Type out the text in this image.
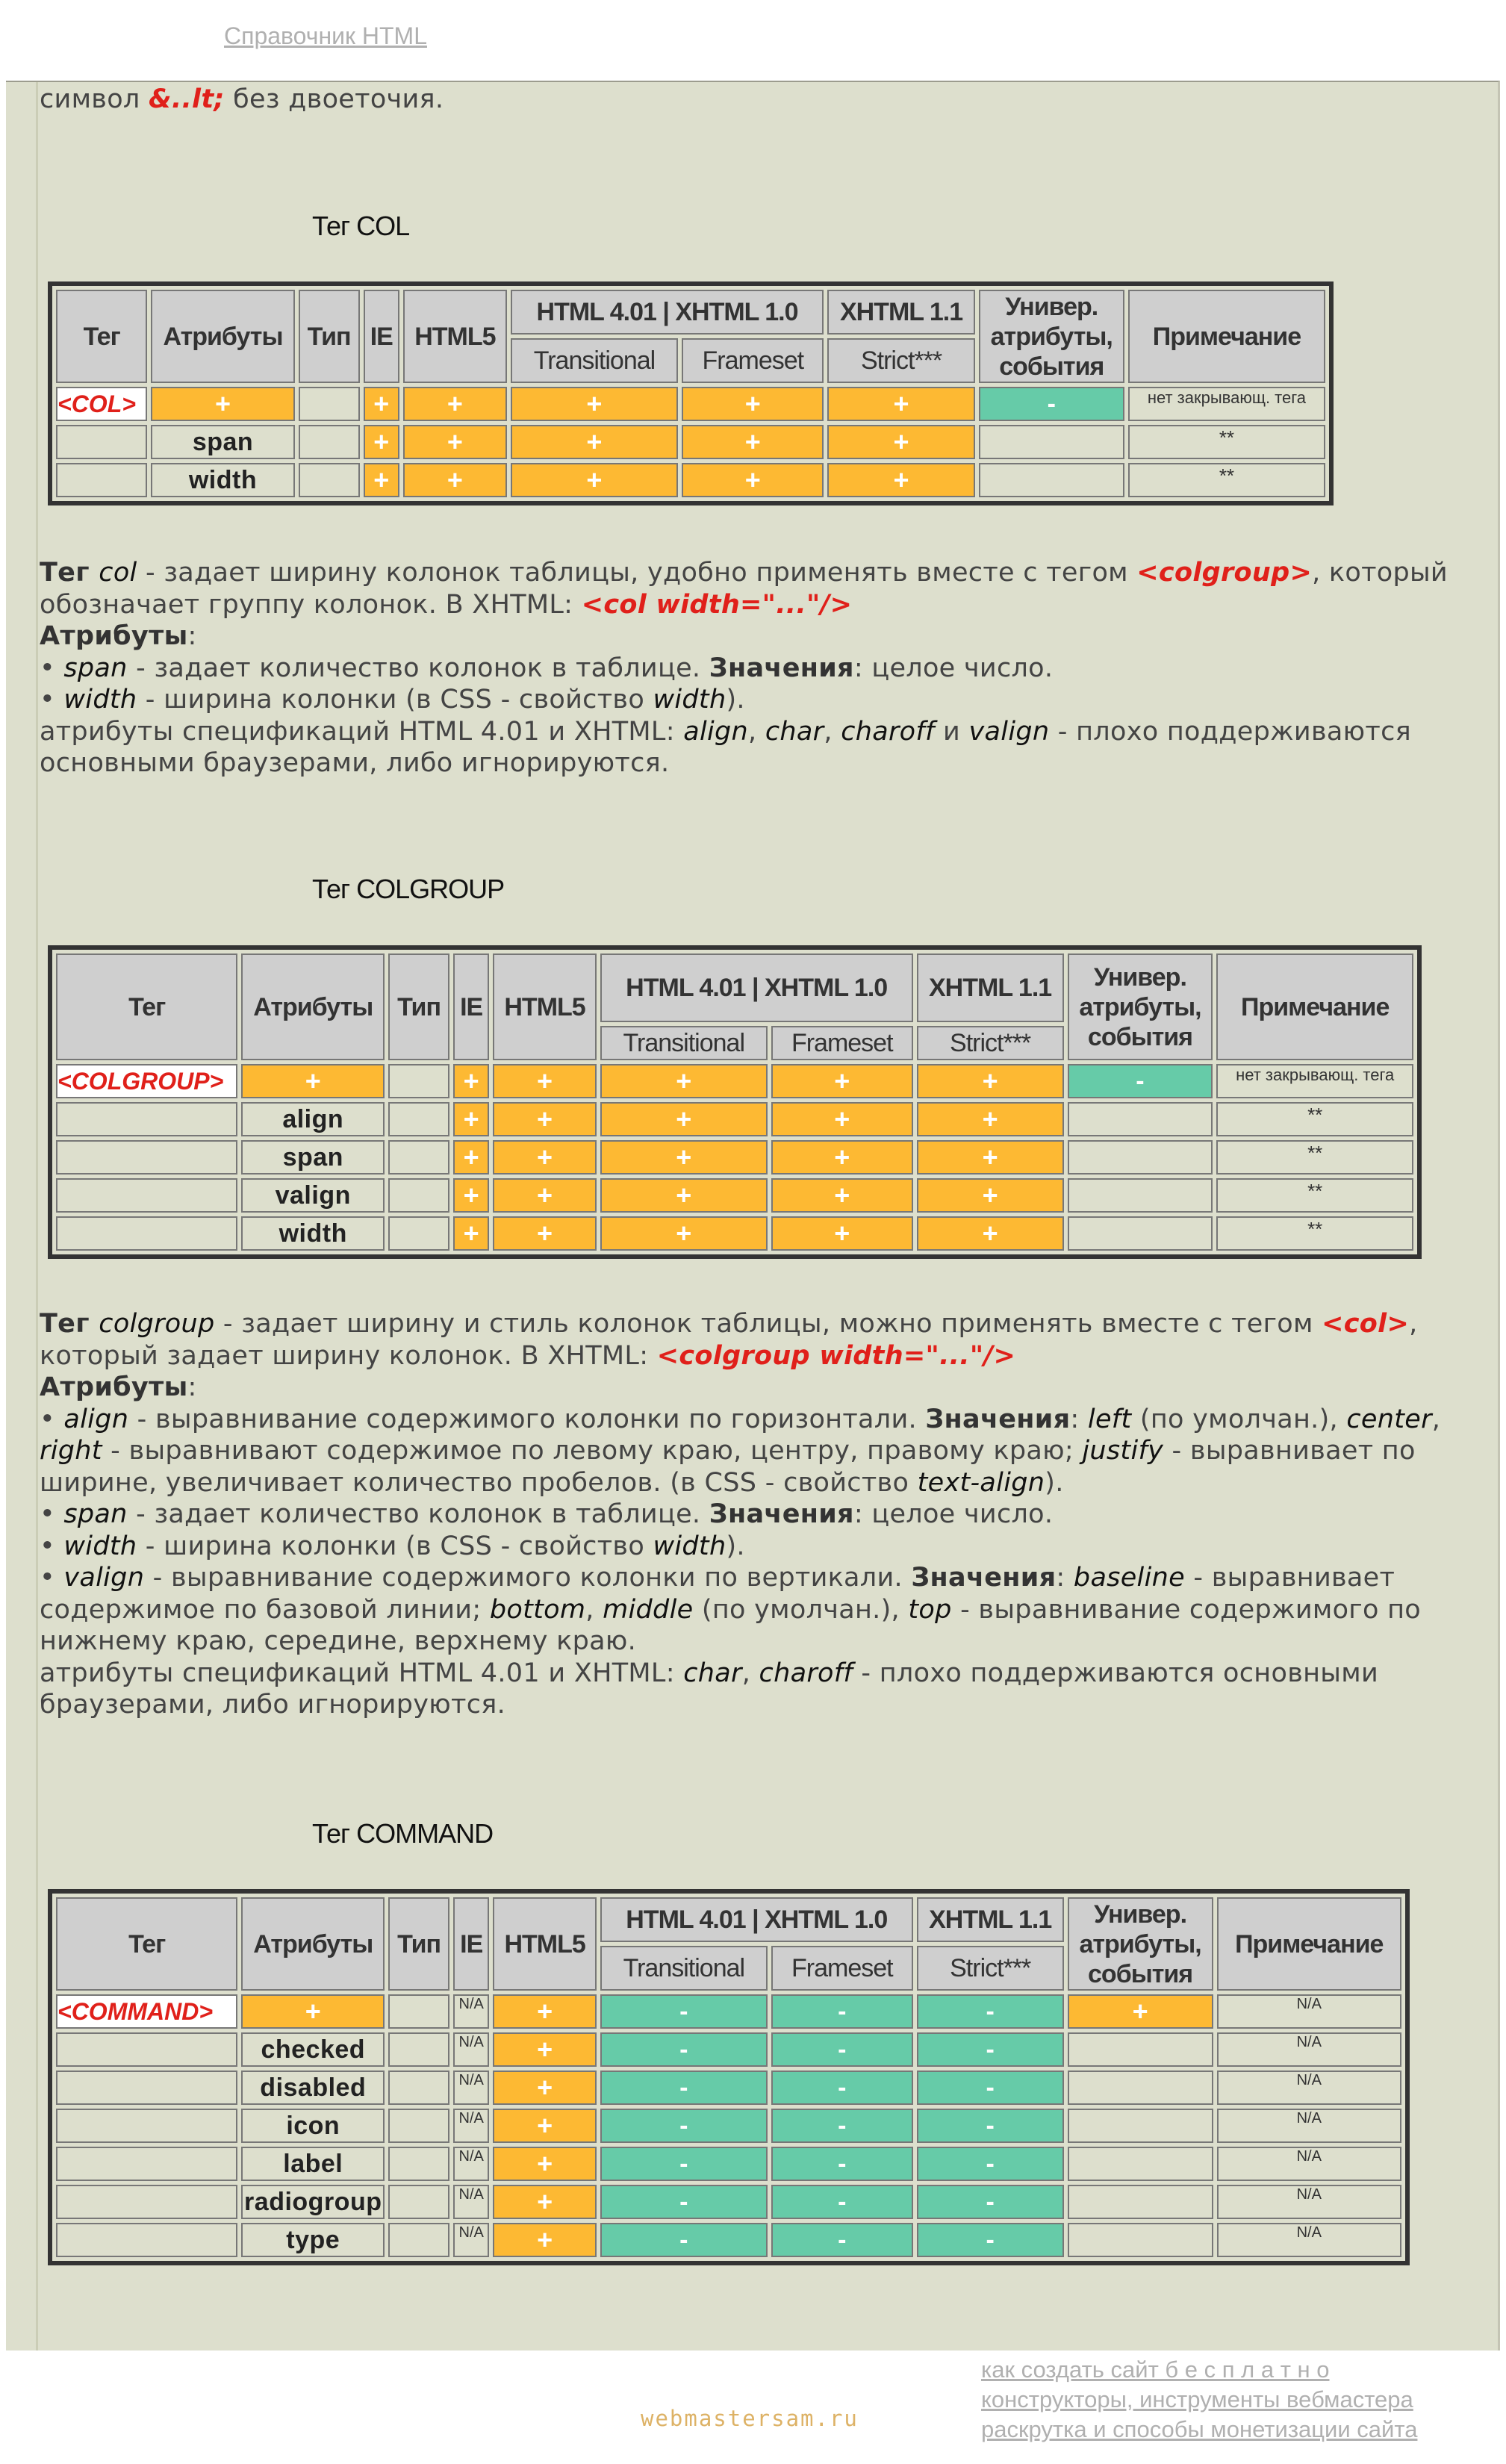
Справочник HTML
символ &..lt; без двоеточия.
Тег COL
Тег	Атрибуты	Тип	IE	HTML5	HTML 4.01 | XHTML 1.0		XHTML 1.1	Универ. атрибуты, события	Примечание
					Transitional	Frameset	Strict***		
<COL>	+		+	+	+	+	+	-	нет закрывающ. тега
	span		+	+	+	+	+		**
	width		+	+	+	+	+		**
Тег col - задает ширину колонок таблицы, удобно применять вместе с тегом <colgroup>, который
обозначает группу колонок. В XHTML: <col width="..."/>
Атрибуты:
• span - задает количество колонок в таблице. Значения: целое число.
• width - ширина колонки (в CSS - свойство width).
атрибуты спецификаций HTML 4.01 и XHTML: align, char, charoff и valign - плохо поддерживаются
основными браузерами, либо игнорируются.
Тег COLGROUP
Тег	Атрибуты	Тип	IE	HTML5	HTML 4.01 | XHTML 1.0		XHTML 1.1	Универ. атрибуты, события	Примечание
					Transitional	Frameset	Strict***		
<COLGROUP>	+		+	+	+	+	+	-	нет закрывающ. тега
	align		+	+	+	+	+		**
	span		+	+	+	+	+		**
	valign		+	+	+	+	+		**
	width		+	+	+	+	+		**
Тег colgroup - задает ширину и стиль колонок таблицы, можно применять вместе с тегом <col>,
который задает ширину колонок. В XHTML: <colgroup width="..."/>
Атрибуты:
• align - выравнивание содержимого колонки по горизонтали. Значения: left (по умолчан.), center,
right - выравнивают содержимое по левому краю, центру, правому краю; justify - выравнивает по
ширине, увеличивает количество пробелов. (в CSS - свойство text-align).
• span - задает количество колонок в таблице. Значения: целое число.
• width - ширина колонки (в CSS - свойство width).
• valign - выравнивание содержимого колонки по вертикали. Значения: baseline - выравнивает
содержимое по базовой линии; bottom, middle (по умолчан.), top - выравнивание содержимого по
нижнему краю, середине, верхнему краю.
атрибуты спецификаций HTML 4.01 и XHTML: char, charoff - плохо поддерживаются основными
браузерами, либо игнорируются.
Тег COMMAND
Тег	Атрибуты	Тип	IE	HTML5	HTML 4.01 | XHTML 1.0		XHTML 1.1	Универ. атрибуты, события	Примечание
					Transitional	Frameset	Strict***		
<COMMAND>	+		N/A	+	-	-	-	+	N/A
	checked		N/A	+	-	-	-		N/A
	disabled		N/A	+	-	-	-		N/A
	icon		N/A	+	-	-	-		N/A
	label		N/A	+	-	-	-		N/A
	radiogroup		N/A	+	-	-	-		N/A
	type		N/A	+	-	-	-		N/A
webmastersam.ru
как создать сайт б е с п л а т н о
конструкторы, инструменты вебмастера
раскрутка и способы монетизации сайта
